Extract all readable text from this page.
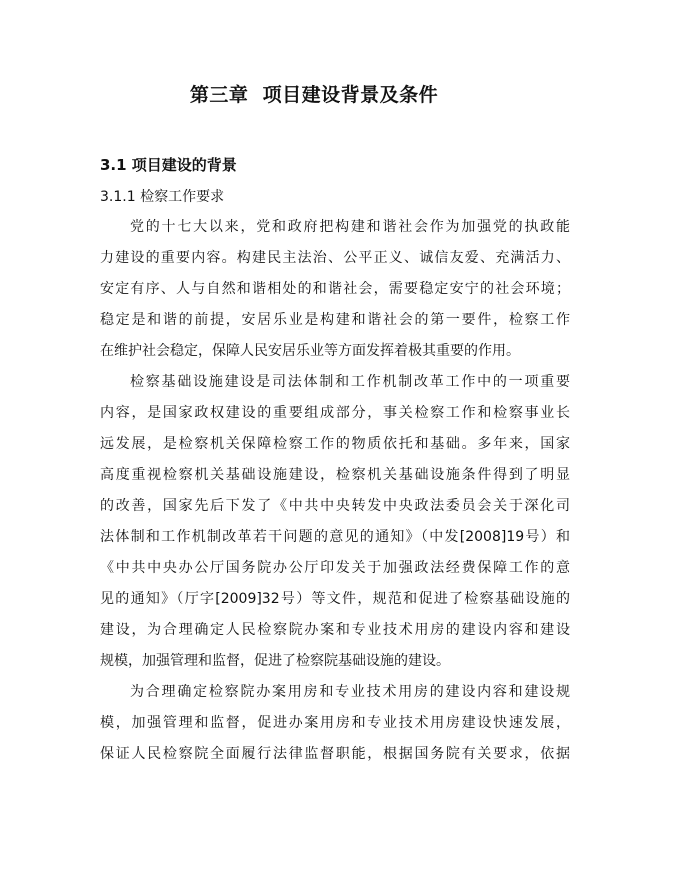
第三章  项目建设背景及条件
3.1 项目建设的背景
3.1.1 检察工作要求
党的十七大以来，党和政府把构建和谐社会作为加强党的执政能
力建设的重要内容。构建民主法治、公平正义、诚信友爱、充满活力、
安定有序、人与自然和谐相处的和谐社会，需要稳定安宁的社会环境；
稳定是和谐的前提，安居乐业是构建和谐社会的第一要件，检察工作
在维护社会稳定，保障人民安居乐业等方面发挥着极其重要的作用。
检察基础设施建设是司法体制和工作机制改革工作中的一项重要
内容，是国家政权建设的重要组成部分，事关检察工作和检察事业长
远发展，是检察机关保障检察工作的物质依托和基础。多年来，国家
高度重视检察机关基础设施建设，检察机关基础设施条件得到了明显
的改善，国家先后下发了《中共中央转发中央政法委员会关于深化司
法体制和工作机制改革若干问题的意见的通知》（中发[2008]19号）和
《中共中央办公厅国务院办公厅印发关于加强政法经费保障工作的意
见的通知》（厅字[2009]32号）等文件，规范和促进了检察基础设施的
建设，为合理确定人民检察院办案和专业技术用房的建设内容和建设
规模，加强管理和监督，促进了检察院基础设施的建设。
为合理确定检察院办案用房和专业技术用房的建设内容和建设规
模，加强管理和监督，促进办案用房和专业技术用房建设快速发展，
保证人民检察院全面履行法律监督职能，根据国务院有关要求，依据
